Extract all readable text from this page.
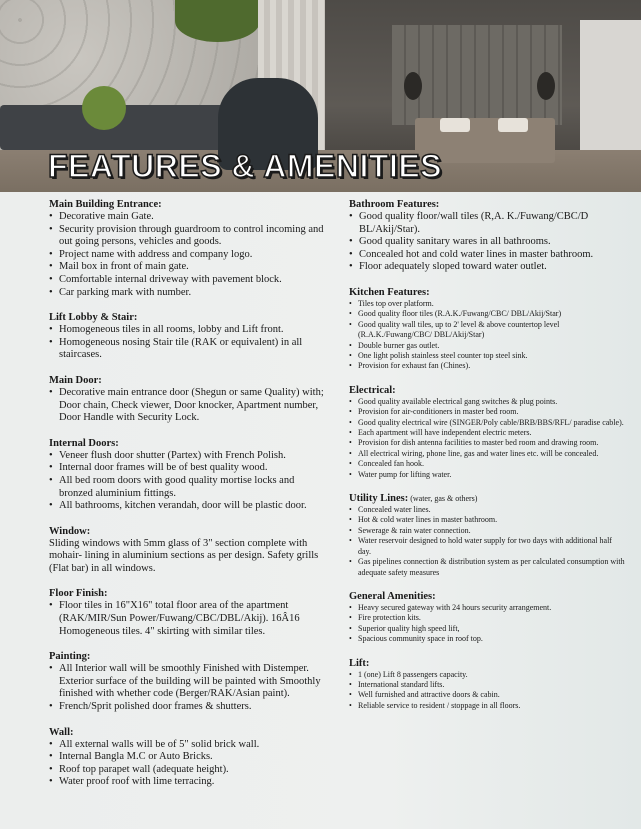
FEATURES & AMENITIES
Main Building Entrance:

• Decorative main Gate.

• Security provision through guardroom to control incoming and out going persons, vehicles and goods.

• Project name with address and company logo.

• Mail box in front of main gate.

• Comfortable internal driveway with pavement block.

• Car parking mark with number.

Lift Lobby & Stair:

• Homogeneous tiles in all rooms, lobby and Lift front.

• Homogeneous nosing Stair tile (RAK or equivalent) in all staircases.

Main Door:

• Decorative main entrance door (Shegun or same Quality) with; Door chain, Check viewer, Door knocker, Apartment number, Door Handle with Security Lock.

Internal Doors:

• Veneer flush door shutter (Partex) with French Polish.

• Internal door frames will be of best quality wood.

• All bed room doors with good quality mortise locks and bronzed aluminium fittings.

• All bathrooms, kitchen verandah, door will be plastic door.

Window:

Sliding windows with 5mm glass of 3" section complete with mohair- lining in aluminium sections as per design. Safety grills (Flat bar) in all windows.

Floor Finish:

• Floor tiles in 16"X16" total floor area of the apartment (RAK/MIR/Sun Power/Fuwang/CBC/DBL/Akij). 16Â16 Homogeneous tiles. 4" skirting with similar tiles.

Painting:

• All Interior wall will be smoothly Finished with Distemper. Exterior surface of the building will be painted with Smoothly finished with whether code (Berger/RAK/Asian paint).

• French/Sprit polished door frames & shutters.

Wall:

• All external walls will be of 5" solid brick wall.

• Internal Bangla M.C or Auto Bricks.

• Roof top parapet wall (adequate height).

• Water proof roof with lime terracing.

Bathroom Features:

• Good quality floor/wall tiles (R,A. K./Fuwang/CBC/D BL/Akij/Star).

• Good quality sanitary wares in all bathrooms.

• Concealed hot and cold water lines in master bathroom.

• Floor adequately sloped toward water outlet.

Kitchen Features:

• Tiles top over platform.

• Good quality floor tiles (R.A.K./Fuwang/CBC/ DBL/Akij/Star)

• Good quality wall tiles, up to 2' level & above countertop level (R.A.K./Fuwang/CBC/ DBL/Akij/Star)

• Double burner gas outlet.

• One light polish stainless steel counter top steel sink.

• Provision for exhaust fan (Chines).

Electrical:

• Good quality available electrical gang switches & plug points.

• Provision for air-conditioners in master bed room.

• Good quality electrical wire (SINGER/Poly cable/BRB/BBS/RFL/ paradise cable).

• Each apartment will have independent electric meters.

• Provision for dish antenna facilities to master bed room and drawing room.

• All electrical wiring, phone line, gas and water lines etc. will be concealed.

• Concealed fan hook.

• Water pump for lifting water.

Utility Lines: (water, gas & others)

• Concealed water lines.

• Hot & cold water lines in master bathroom.

• Sewerage & rain water connection.

• Water reservoir designed to hold water supply for two days with additional half day.

• Gas pipelines connection & distribution system as per calculated consumption with adequate safety measures

General Amenities:

• Heavy secured gateway with 24 hours security arrangement.

• Fire protection kits.

• Superior quality high speed lift,

• Spacious community space in roof top.

Lift:

• 1 (one) Lift 8 passengers capacity.

• International standard lifts.

• Well furnished and attractive doors & cabin.

• Reliable service to resident / stoppage in all floors.
